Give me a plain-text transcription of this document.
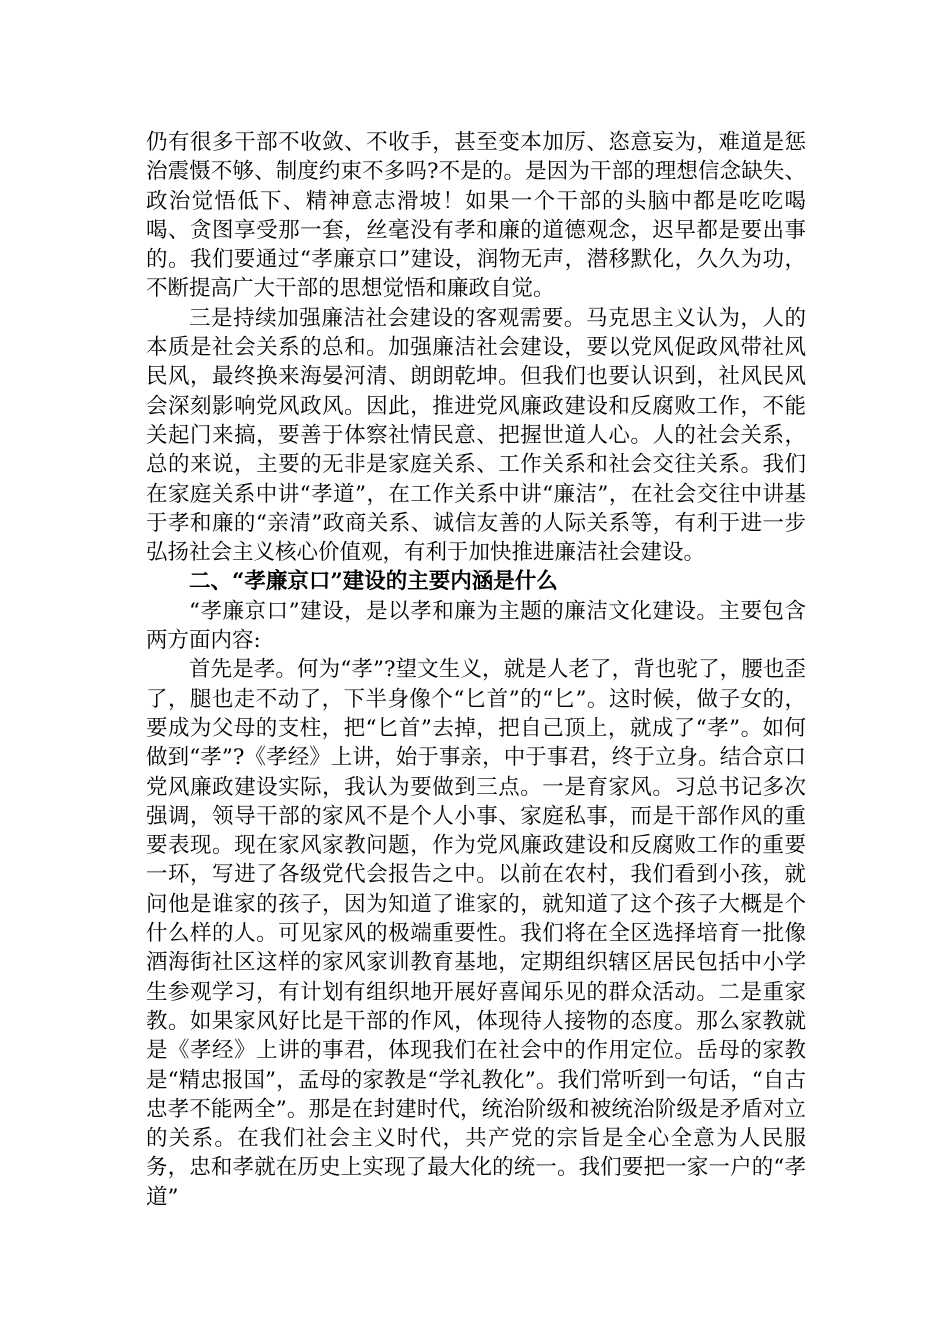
仍有很多干部不收敛、不收手，甚至变本加厉、恣意妄为，难道是惩治震慑不够、制度约束不多吗?不是的。是因为干部的理想信念缺失、政治觉悟低下、精神意志滑坡！如果一个干部的头脑中都是吃吃喝喝、贪图享受那一套，丝毫没有孝和廉的道德观念，迟早都是要出事的。我们要通过“孝廉京口”建设，润物无声，潜移默化，久久为功，不断提高广大干部的思想觉悟和廉政自觉。

三是持续加强廉洁社会建设的客观需要。马克思主义认为，人的本质是社会关系的总和。加强廉洁社会建设，要以党风促政风带社风民风，最终换来海晏河清、朗朗乾坤。但我们也要认识到，社风民风会深刻影响党风政风。因此，推进党风廉政建设和反腐败工作，不能关起门来搞，要善于体察社情民意、把握世道人心。人的社会关系，总的来说，主要的无非是家庭关系、工作关系和社会交往关系。我们在家庭关系中讲“孝道”，在工作关系中讲“廉洁”，在社会交往中讲基于孝和廉的“亲清”政商关系、诚信友善的人际关系等，有利于进一步弘扬社会主义核心价值观，有利于加快推进廉洁社会建设。

二、“孝廉京口”建设的主要内涵是什么

“孝廉京口”建设，是以孝和廉为主题的廉洁文化建设。主要包含两方面内容:

首先是孝。何为“孝”?望文生义，就是人老了，背也驼了，腰也歪了，腿也走不动了，下半身像个“匕首”的“匕”。这时候，做子女的，要成为父母的支柱，把“匕首”去掉，把自己顶上，就成了“孝”。如何做到“孝”?《孝经》上讲，始于事亲，中于事君，终于立身。结合京口党风廉政建设实际，我认为要做到三点。一是育家风。习总书记多次强调，领导干部的家风不是个人小事、家庭私事，而是干部作风的重要表现。现在家风家教问题，作为党风廉政建设和反腐败工作的重要一环，写进了各级党代会报告之中。以前在农村，我们看到小孩，就问他是谁家的孩子，因为知道了谁家的，就知道了这个孩子大概是个什么样的人。可见家风的极端重要性。我们将在全区选择培育一批像酒海街社区这样的家风家训教育基地，定期组织辖区居民包括中小学生参观学习，有计划有组织地开展好喜闻乐见的群众活动。二是重家教。如果家风好比是干部的作风，体现待人接物的态度。那么家教就是《孝经》上讲的事君，体现我们在社会中的作用定位。岳母的家教是“精忠报国”，孟母的家教是“学礼教化”。我们常听到一句话，“自古忠孝不能两全”。那是在封建时代，统治阶级和被统治阶级是矛盾对立的关系。在我们社会主义时代，共产党的宗旨是全心全意为人民服务，忠和孝就在历史上实现了最大化的统一。我们要把一家一户的“孝道”
